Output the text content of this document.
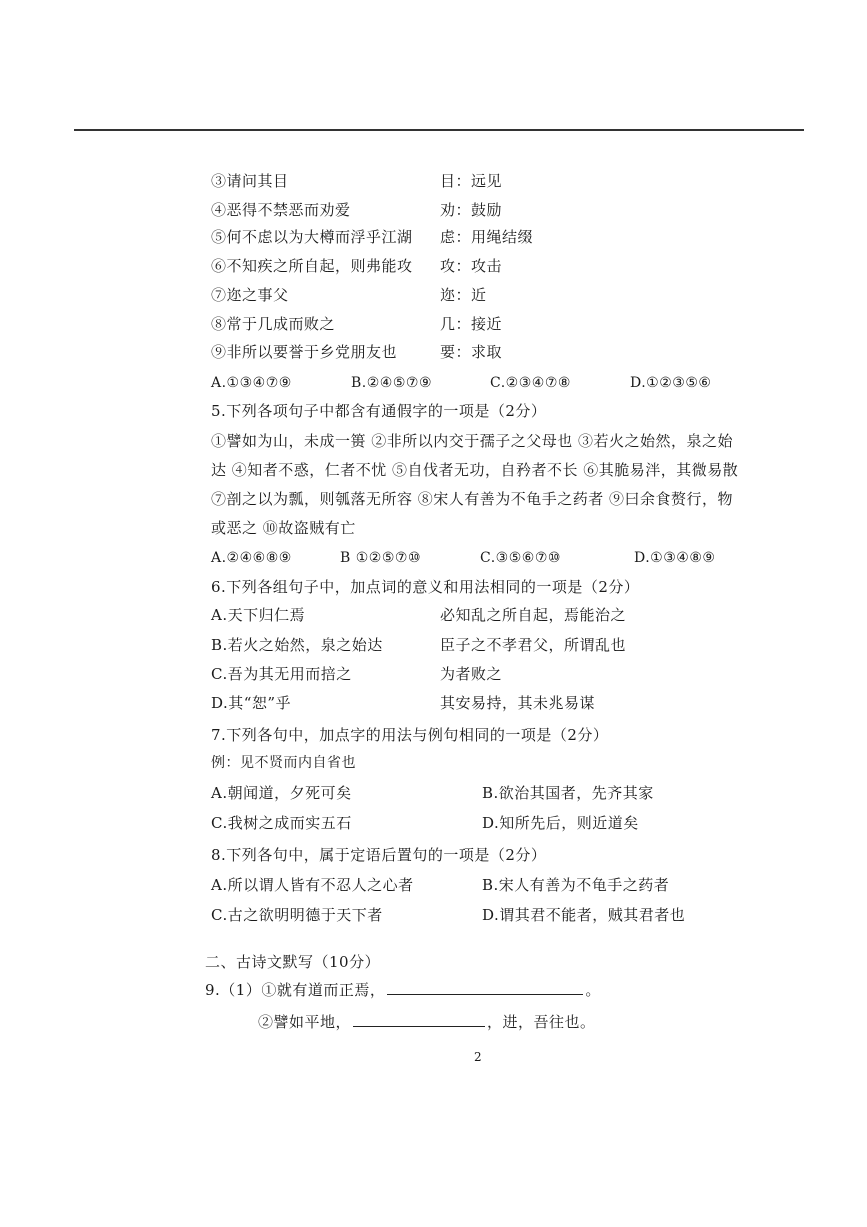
③请问其目	目：远见
④恶得不禁恶而劝爱	劝：鼓励
⑤何不虑以为大樽而浮乎江湖 虑：用绳结缀
⑥不知疾之所自起，则弗能攻 攻：攻击
⑦迩之事父	迩：近
⑧常于几成而败之	几：接近
⑨非所以要誉于乡党朋友也	要：求取
A.①③④⑦⑨	B.②④⑤⑦⑨	C.②③④⑦⑧	D.①②③⑤⑥
5.下列各项句子中都含有通假字的一项是（2分）
①譬如为山，未成一篑 ②非所以内交于孺子之父母也 ③若火之始然，泉之始
达 ④知者不惑，仁者不忧 ⑤自伐者无功，自矜者不长 ⑥其脆易泮，其微易散
⑦剖之以为瓢，则瓠落无所容 ⑧宋人有善为不龟手之药者 ⑨曰余食赘行，物
或恶之 ⑩故盗贼有亡
A.②④⑥⑧⑨	B ①②⑤⑦⑩	C.③⑤⑥⑦⑩	D.①③④⑧⑨
6.下列各组句子中，加点词的意义和用法相同的一项是（2分）
A.天下归仁焉	必知乱之所自起，焉能治之
B.若火之始然，泉之始达	臣子之不孝君父，所谓乱也
C.吾为其无用而掊之	为者败之
D.其“恕”乎	其安易持，其未兆易谋
7.下列各句中，加点字的用法与例句相同的一项是（2分）
例：见不贤而内自省也
A.朝闻道，夕死可矣	B.欲治其国者，先齐其家
C.我树之成而实五石	D.知所先后，则近道矣
8.下列各句中，属于定语后置句的一项是（2分）
A.所以谓人皆有不忍人之心者	B.宋人有善为不龟手之药者
C.古之欲明明德于天下者	D.谓其君不能者，贼其君者也
二、古诗文默写（10分）
9.（1）①就有道而正焉，	。
②譬如平地，	，进，吾往也。
2
